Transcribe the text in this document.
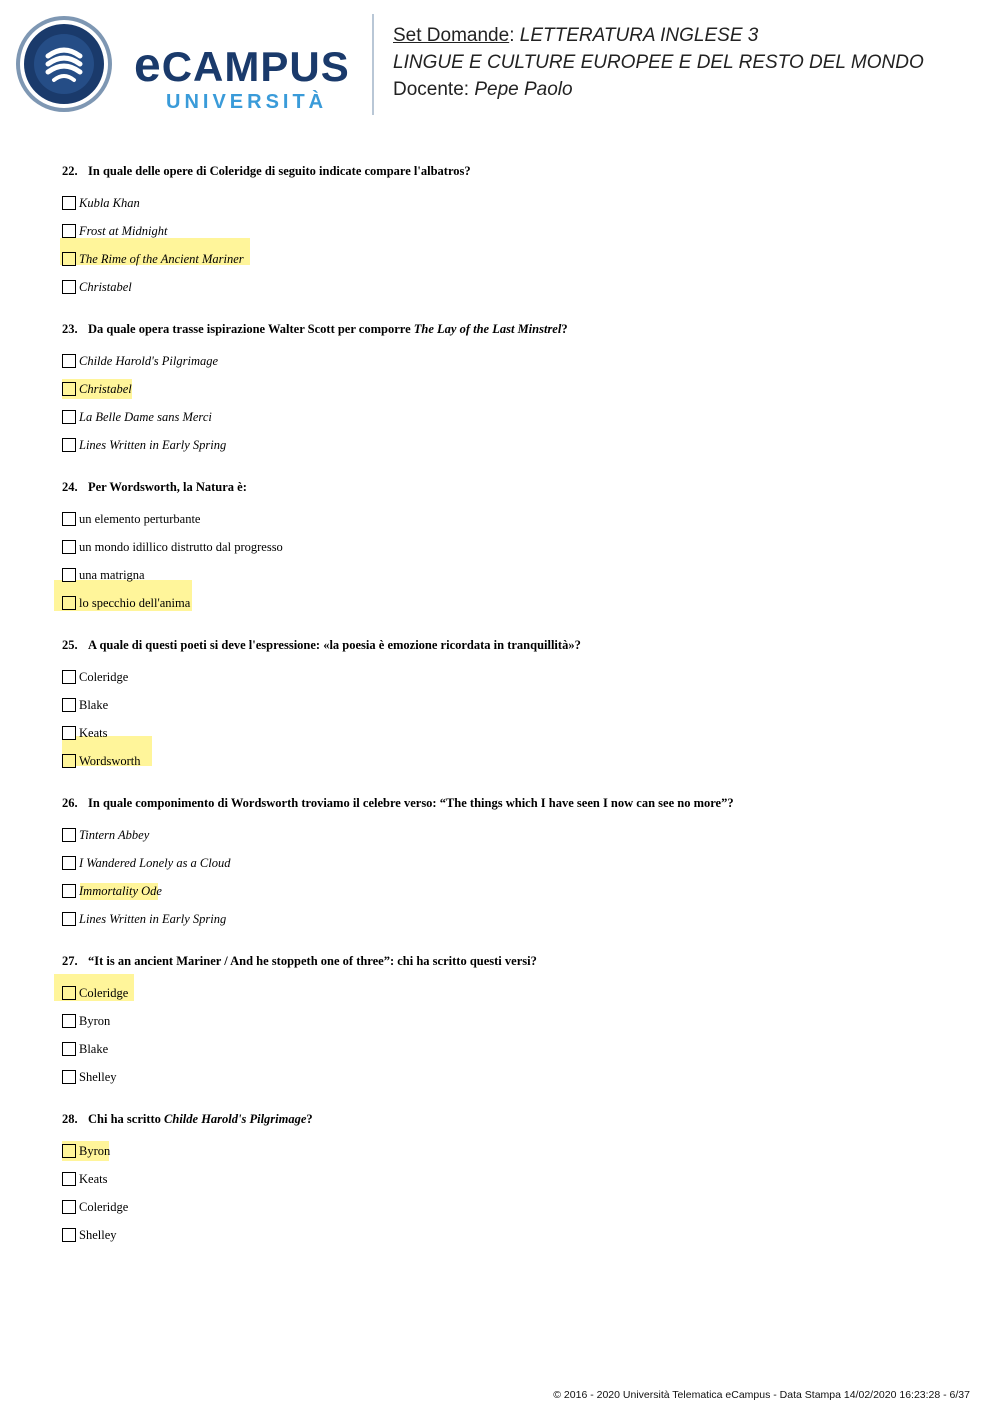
eCAMPUS
UNIVERSITÀ
Set Domande: LETTERATURA INGLESE 3
LINGUE E CULTURE EUROPEE E DEL RESTO DEL MONDO
Docente: Pepe Paolo
22. In quale delle opere di Coleridge di seguito indicate compare l'albatros?
Kubla Khan
Frost at Midnight
The Rime of the Ancient Mariner
Christabel
23. Da quale opera trasse ispirazione Walter Scott per comporre The Lay of the Last Minstrel?
Childe Harold's Pilgrimage
Christabel
La Belle Dame sans Merci
Lines Written in Early Spring
24. Per Wordsworth, la Natura è:
un elemento perturbante
un mondo idillico distrutto dal progresso
una matrigna
lo specchio dell'anima
25. A quale di questi poeti si deve l'espressione: «la poesia è emozione ricordata in tranquillità»?
Coleridge
Blake
Keats
Wordsworth
26. In quale componimento di Wordsworth troviamo il celebre verso: “The things which I have seen I now can see no more”?
Tintern Abbey
I Wandered Lonely as a Cloud
Immortality Ode
Lines Written in Early Spring
27. “It is an ancient Mariner / And he stoppeth one of three”: chi ha scritto questi versi?
Coleridge
Byron
Blake
Shelley
28. Chi ha scritto Childe Harold's Pilgrimage?
Byron
Keats
Coleridge
Shelley
© 2016 - 2020 Università Telematica eCampus - Data Stampa 14/02/2020 16:23:28 - 6/37
